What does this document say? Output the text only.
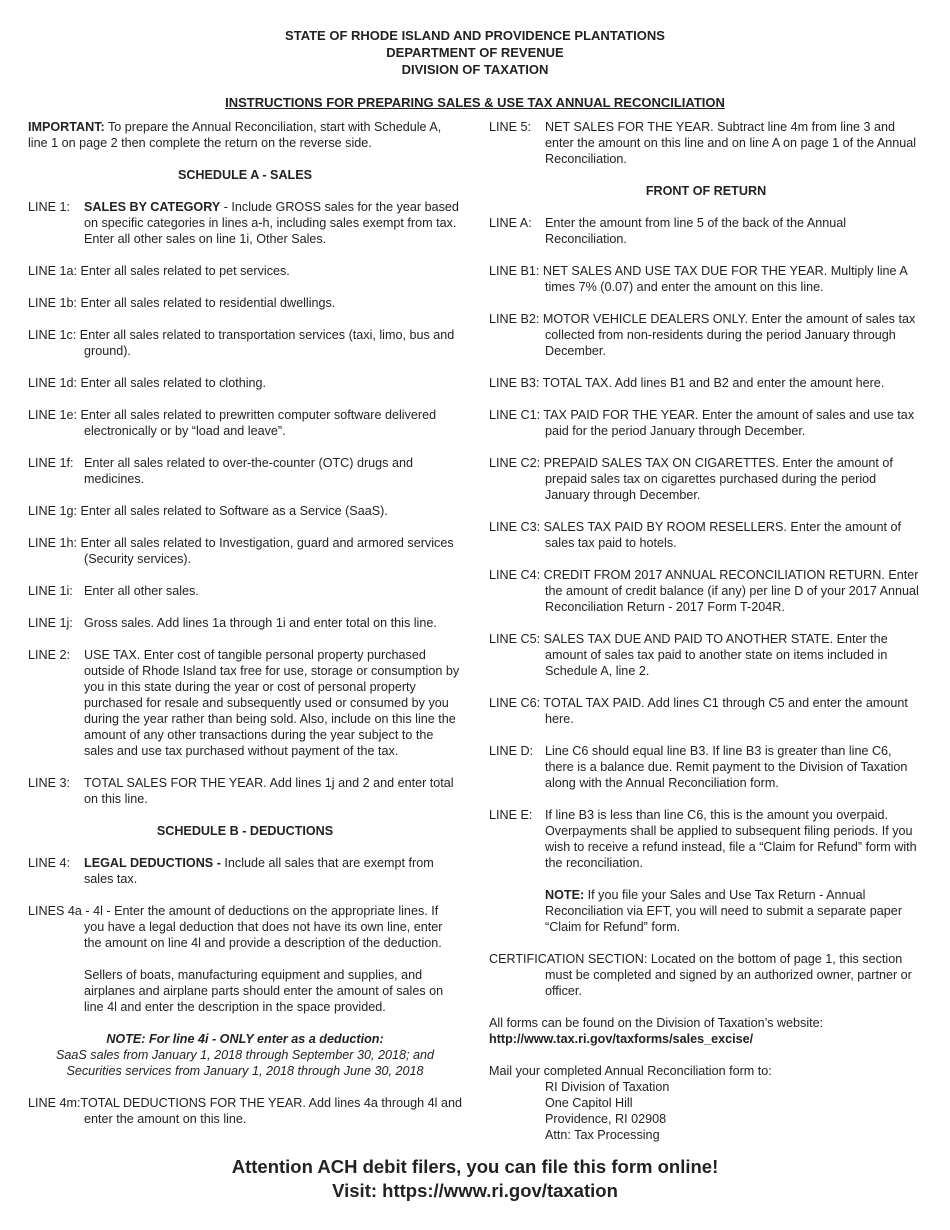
STATE OF RHODE ISLAND AND PROVIDENCE PLANTATIONS
DEPARTMENT OF REVENUE
DIVISION OF TAXATION
INSTRUCTIONS FOR PREPARING SALES & USE TAX ANNUAL RECONCILIATION
IMPORTANT: To prepare the Annual Reconciliation, start with Schedule A, line 1 on page 2 then complete the return on the reverse side.
SCHEDULE A - SALES
LINE 1: SALES BY CATEGORY - Include GROSS sales for the year based on specific categories in lines a-h, including sales exempt from tax. Enter all other sales on line 1i, Other Sales.
LINE 1a: Enter all sales related to pet services.
LINE 1b: Enter all sales related to residential dwellings.
LINE 1c: Enter all sales related to transportation services (taxi, limo, bus and ground).
LINE 1d: Enter all sales related to clothing.
LINE 1e: Enter all sales related to prewritten computer software delivered electronically or by “load and leave”.
LINE 1f: Enter all sales related to over-the-counter (OTC) drugs and medicines.
LINE 1g: Enter all sales related to Software as a Service (SaaS).
LINE 1h: Enter all sales related to Investigation, guard and armored services (Security services).
LINE 1i: Enter all other sales.
LINE 1j: Gross sales. Add lines 1a through 1i and enter total on this line.
LINE 2: USE TAX. Enter cost of tangible personal property purchased outside of Rhode Island tax free for use, storage or consumption by you in this state during the year or cost of personal property purchased for resale and subsequently used or consumed by you during the year rather than being sold. Also, include on this line the amount of any other transactions during the year subject to the sales and use tax purchased without payment of the tax.
LINE 3: TOTAL SALES FOR THE YEAR. Add lines 1j and 2 and enter total on this line.
SCHEDULE B - DEDUCTIONS
LINE 4: LEGAL DEDUCTIONS - Include all sales that are exempt from sales tax.
LINES 4a - 4l - Enter the amount of deductions on the appropriate lines. If you have a legal deduction that does not have its own line, enter the amount on line 4l and provide a description of the deduction.
Sellers of boats, manufacturing equipment and supplies, and airplanes and airplane parts should enter the amount of sales on line 4l and enter the description in the space provided.
NOTE: For line 4i - ONLY enter as a deduction:
SaaS sales from January 1, 2018 through September 30, 2018; and
Securities services from January 1, 2018 through June 30, 2018
LINE 4m:TOTAL DEDUCTIONS FOR THE YEAR. Add lines 4a through 4l and enter the amount on this line.
LINE 5: NET SALES FOR THE YEAR. Subtract line 4m from line 3 and enter the amount on this line and on line A on page 1 of the Annual Reconciliation.
FRONT OF RETURN
LINE A: Enter the amount from line 5 of the back of the Annual Reconciliation.
LINE B1: NET SALES AND USE TAX DUE FOR THE YEAR. Multiply line A times 7% (0.07) and enter the amount on this line.
LINE B2: MOTOR VEHICLE DEALERS ONLY. Enter the amount of sales tax collected from non-residents during the period January through December.
LINE B3: TOTAL TAX. Add lines B1 and B2 and enter the amount here.
LINE C1: TAX PAID FOR THE YEAR. Enter the amount of sales and use tax paid for the period January through December.
LINE C2: PREPAID SALES TAX ON CIGARETTES. Enter the amount of prepaid sales tax on cigarettes purchased during the period January through December.
LINE C3: SALES TAX PAID BY ROOM RESELLERS. Enter the amount of sales tax paid to hotels.
LINE C4: CREDIT FROM 2017 ANNUAL RECONCILIATION RETURN. Enter the amount of credit balance (if any) per line D of your 2017 Annual Reconciliation Return - 2017 Form T-204R.
LINE C5: SALES TAX DUE AND PAID TO ANOTHER STATE. Enter the amount of sales tax paid to another state on items included in Schedule A, line 2.
LINE C6: TOTAL TAX PAID. Add lines C1 through C5 and enter the amount here.
LINE D: Line C6 should equal line B3. If line B3 is greater than line C6, there is a balance due. Remit payment to the Division of Taxation along with the Annual Reconciliation form.
LINE E: If line B3 is less than line C6, this is the amount you overpaid. Overpayments shall be applied to subsequent filing periods. If you wish to receive a refund instead, file a “Claim for Refund” form with the reconciliation.
NOTE: If you file your Sales and Use Tax Return - Annual Reconciliation via EFT, you will need to submit a separate paper “Claim for Refund” form.
CERTIFICATION SECTION: Located on the bottom of page 1, this section must be completed and signed by an authorized owner, partner or officer.
All forms can be found on the Division of Taxation’s website:
http://www.tax.ri.gov/taxforms/sales_excise/
Mail your completed Annual Reconciliation form to:
RI Division of Taxation
One Capitol Hill
Providence, RI 02908
Attn: Tax Processing
Attention ACH debit filers, you can file this form online!
Visit: https://www.ri.gov/taxation
